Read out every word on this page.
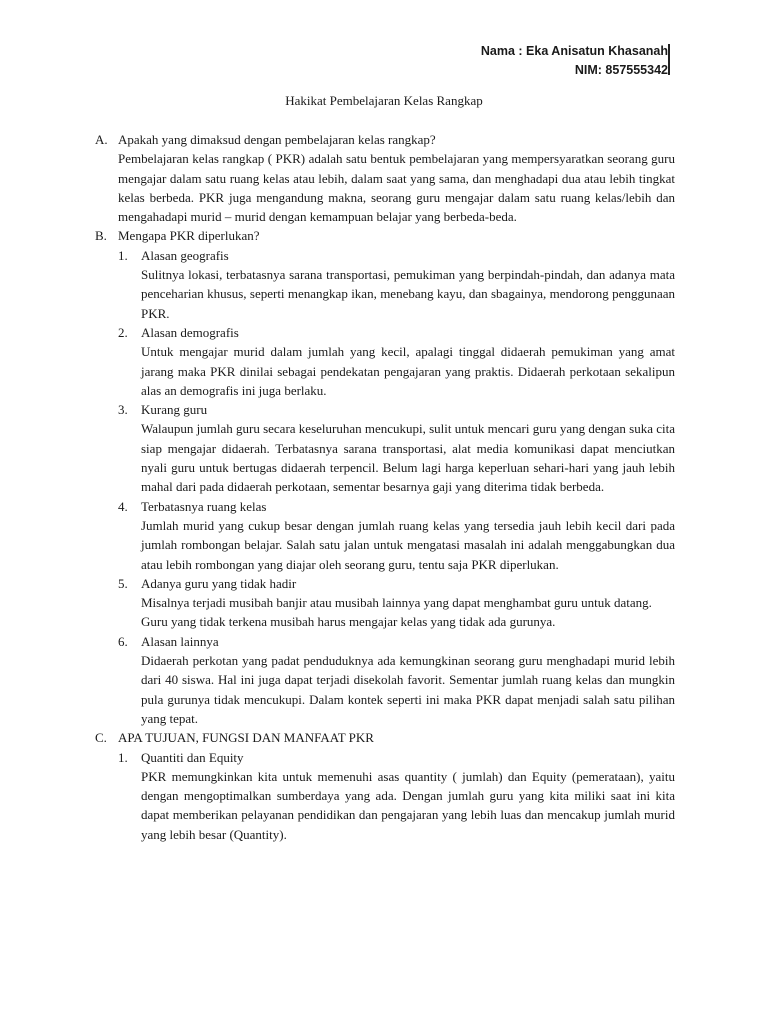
Nama : Eka Anisatun Khasanah
NIM: 857555342
Hakikat Pembelajaran Kelas Rangkap
A. Apakah yang dimaksud dengan pembelajaran kelas rangkap?

Pembelajaran kelas rangkap ( PKR) adalah satu bentuk pembelajaran yang mempersyaratkan seorang guru mengajar dalam satu ruang kelas atau lebih, dalam saat yang sama, dan menghadapi dua atau lebih tingkat kelas berbeda. PKR juga mengandung makna, seorang guru mengajar dalam satu ruang kelas/lebih dan mengahadapi murid – murid dengan kemampuan belajar yang berbeda-beda.

B. Mengapa PKR diperlukan?

1. Alasan geografis

Sulitnya lokasi, terbatasnya sarana transportasi, pemukiman yang berpindah-pindah, dan adanya mata penceharian khusus, seperti menangkap ikan, menebang kayu, dan sbagainya, mendorong penggunaan PKR.

2. Alasan demografis

Untuk mengajar murid dalam jumlah yang kecil, apalagi tinggal didaerah pemukiman yang amat jarang maka PKR dinilai sebagai pendekatan pengajaran yang praktis. Didaerah perkotaan sekalipun alas an demografis ini juga berlaku.

3. Kurang guru

Walaupun jumlah guru secara keseluruhan mencukupi, sulit untuk mencari guru yang dengan suka cita siap mengajar didaerah. Terbatasnya sarana transportasi, alat media komunikasi dapat menciutkan nyali guru untuk bertugas didaerah terpencil. Belum lagi harga keperluan sehari-hari yang jauh lebih mahal dari pada didaerah perkotaan, sementar besarnya gaji yang diterima tidak berbeda.

4. Terbatasnya ruang kelas

Jumlah murid yang cukup besar dengan jumlah ruang kelas yang tersedia jauh lebih kecil dari pada jumlah rombongan belajar. Salah satu jalan untuk mengatasi masalah ini adalah menggabungkan dua atau lebih rombongan yang diajar oleh seorang guru, tentu saja PKR diperlukan.

5. Adanya guru yang tidak hadir

Misalnya terjadi musibah banjir atau musibah lainnya yang dapat menghambat guru untuk datang. Guru yang tidak terkena musibah harus mengajar kelas yang tidak ada gurunya.

6. Alasan lainnya

Didaerah perkotan yang padat penduduknya ada kemungkinan seorang guru menghadapi murid lebih dari 40 siswa. Hal ini juga dapat terjadi disekolah favorit. Sementar jumlah ruang kelas dan mungkin pula gurunya tidak mencukupi. Dalam kontek seperti ini maka PKR dapat menjadi salah satu pilihan yang tepat.

C. APA TUJUAN, FUNGSI DAN MANFAAT PKR

1. Quantiti dan Equity

PKR memungkinkan kita untuk memenuhi asas quantity ( jumlah) dan Equity (pemerataan), yaitu dengan mengoptimalkan sumberdaya yang ada. Dengan jumlah guru yang kita miliki saat ini kita dapat memberikan pelayanan pendidikan dan pengajaran yang lebih luas dan mencakup jumlah murid yang lebih besar (Quantity).
